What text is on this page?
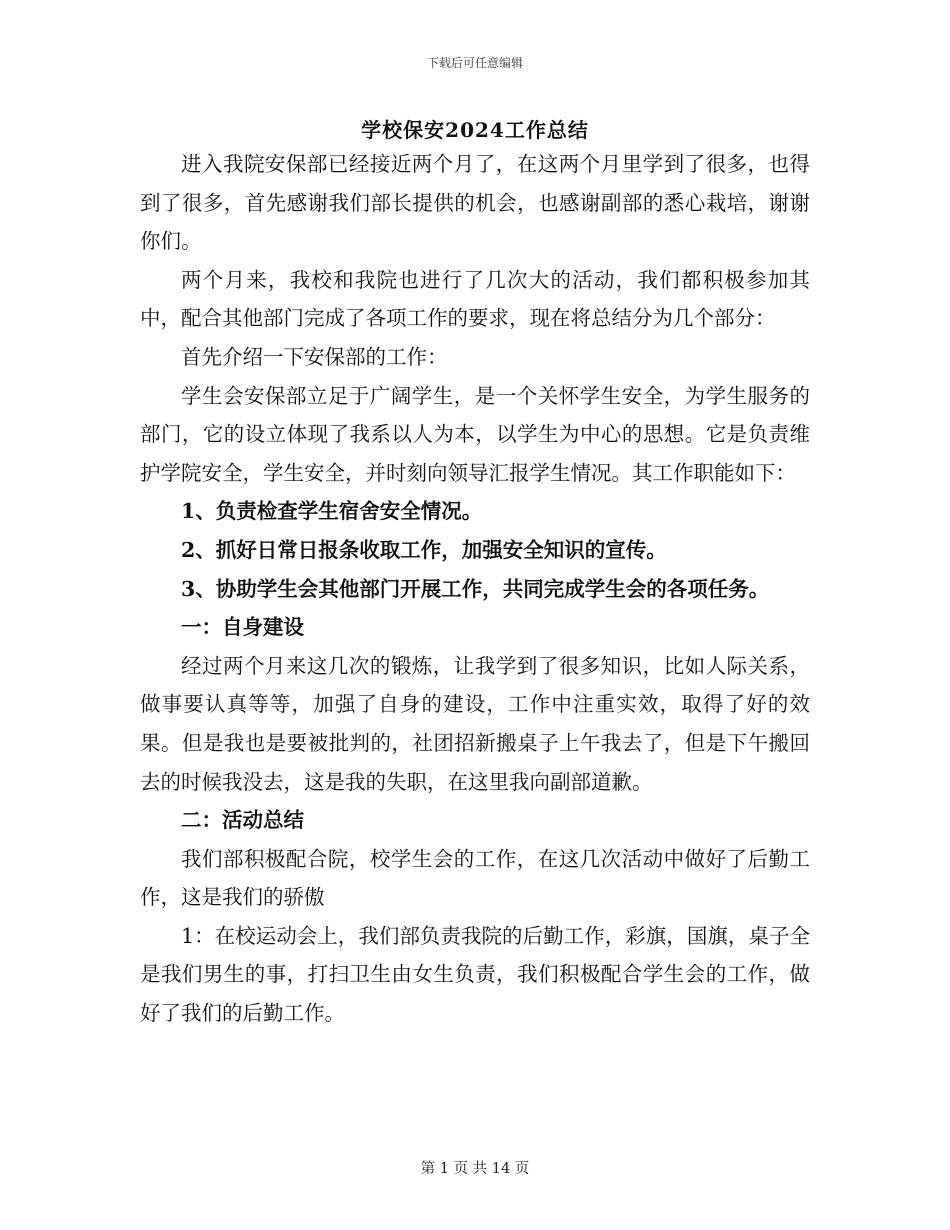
下载后可任意编辑
学校保安2024工作总结

进入我院安保部已经接近两个月了，在这两个月里学到了很多，也得到了很多，首先感谢我们部长提供的机会，也感谢副部的悉心栽培，谢谢你们。

两个月来，我校和我院也进行了几次大的活动，我们都积极参加其中，配合其他部门完成了各项工作的要求，现在将总结分为几个部分：

首先介绍一下安保部的工作：

学生会安保部立足于广阔学生，是一个关怀学生安全，为学生服务的部门，它的设立体现了我系以人为本，以学生为中心的思想。它是负责维护学院安全，学生安全，并时刻向领导汇报学生情况。其工作职能如下：

1、负责检查学生宿舍安全情况。

2、抓好日常日报条收取工作，加强安全知识的宣传。

3、协助学生会其他部门开展工作，共同完成学生会的各项任务。

一：自身建设

经过两个月来这几次的锻炼，让我学到了很多知识，比如人际关系，做事要认真等等，加强了自身的建设，工作中注重实效，取得了好的效果。但是我也是要被批判的，社团招新搬桌子上午我去了，但是下午搬回去的时候我没去，这是我的失职，在这里我向副部道歉。

二：活动总结

我们部积极配合院，校学生会的工作，在这几次活动中做好了后勤工作，这是我们的骄傲

1：在校运动会上，我们部负责我院的后勤工作，彩旗，国旗，桌子全是我们男生的事，打扫卫生由女生负责，我们积极配合学生会的工作，做好了我们的后勤工作。

第 1 页 共 14 页
